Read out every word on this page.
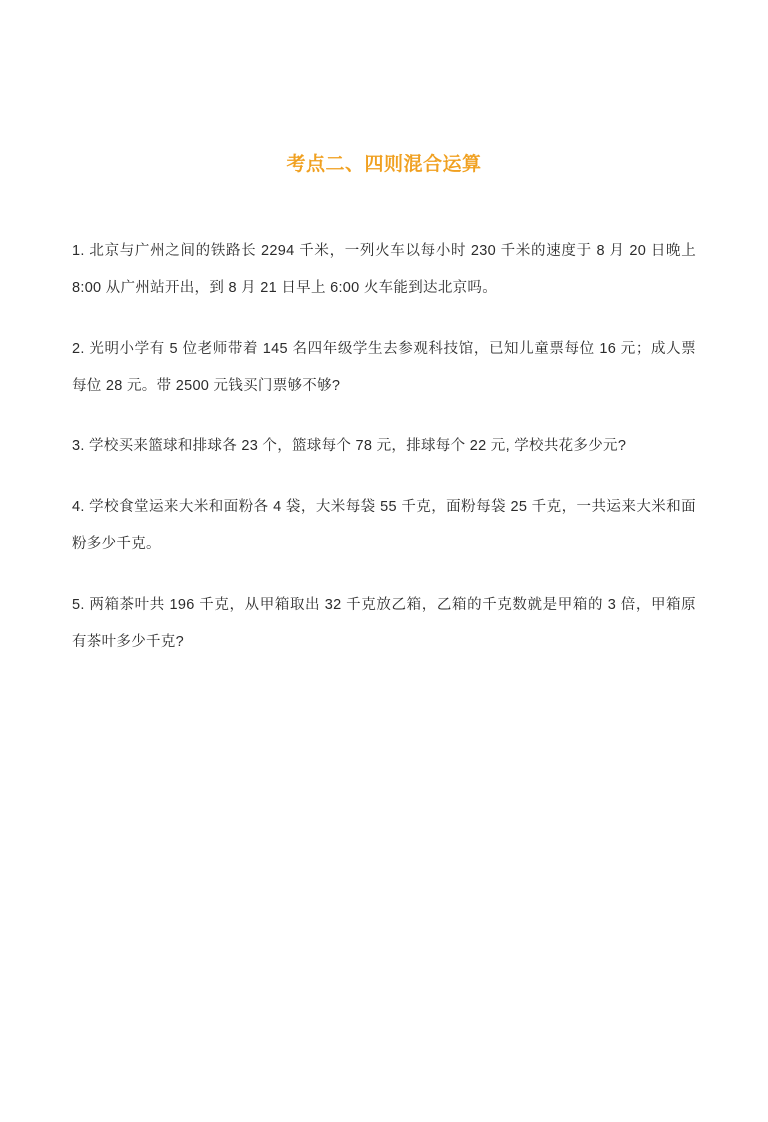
考点二、四则混合运算
1. 北京与广州之间的铁路长 2294 千米，一列火车以每小时 230 千米的速度于 8 月 20 日晚上 8:00 从广州站开出，到 8 月 21 日早上 6:00 火车能到达北京吗。
2. 光明小学有 5 位老师带着 145 名四年级学生去参观科技馆，已知儿童票每位 16 元；成人票每位 28 元。带 2500 元钱买门票够不够?
3. 学校买来篮球和排球各 23 个，篮球每个 78 元，排球每个 22 元, 学校共花多少元?
4. 学校食堂运来大米和面粉各 4 袋，大米每袋 55 千克，面粉每袋 25 千克，一共运来大米和面粉多少千克。
5. 两箱茶叶共 196 千克，从甲箱取出 32 千克放乙箱，乙箱的千克数就是甲箱的 3 倍，甲箱原有茶叶多少千克?
